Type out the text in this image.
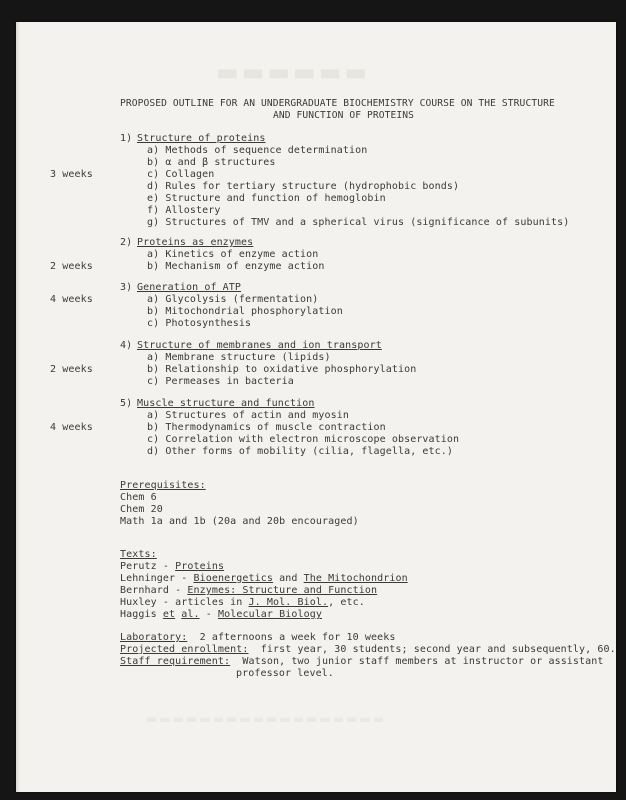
▬▬▬▬▬▬
PROPOSED OUTLINE FOR AN UNDERGRADUATE BIOCHEMISTRY COURSE ON THE STRUCTURE
AND FUNCTION OF PROTEINS
1) Structure of proteins
3 weeks
a) Methods of sequence determination
b) α and β structures
c) Collagen
d) Rules for tertiary structure (hydrophobic bonds)
e) Structure and function of hemoglobin
f) Allostery
g) Structures of TMV and a spherical virus (significance of subunits)
2) Proteins as enzymes
2 weeks
a) Kinetics of enzyme action
b) Mechanism of enzyme action
3) Generation of ATP
4 weeks	a) Glycolysis (fermentation)
b) Mitochondrial phosphorylation
c) Photosynthesis
4) Structure of membranes and ion transport
2 weeks
a) Membrane structure (lipids)
b) Relationship to oxidative phosphorylation
c) Permeases in bacteria
5) Muscle structure and function
4 weeks
a) Structures of actin and myosin
b) Thermodynamics of muscle contraction
c) Correlation with electron microscope observation
d) Other forms of mobility (cilia, flagella, etc.)
Prerequisites:
Chem 6
Chem 20
Math 1a and 1b (20a and 20b encouraged)
Texts:
Perutz - Proteins
Lehninger - Bioenergetics and The Mitochondrion
Bernhard - Enzymes: Structure and Function
Huxley - articles in J. Mol. Biol., etc.
Haggis et al. - Molecular Biology
Laboratory: 2 afternoons a week for 10 weeks
Projected enrollment: first year, 30 students; second year and subsequently, 60.
Staff requirement: Watson, two junior staff members at instructor or assistant
professor level.
▬▬▬▬▬▬▬▬▬▬▬▬▬▬▬▬▬▬
